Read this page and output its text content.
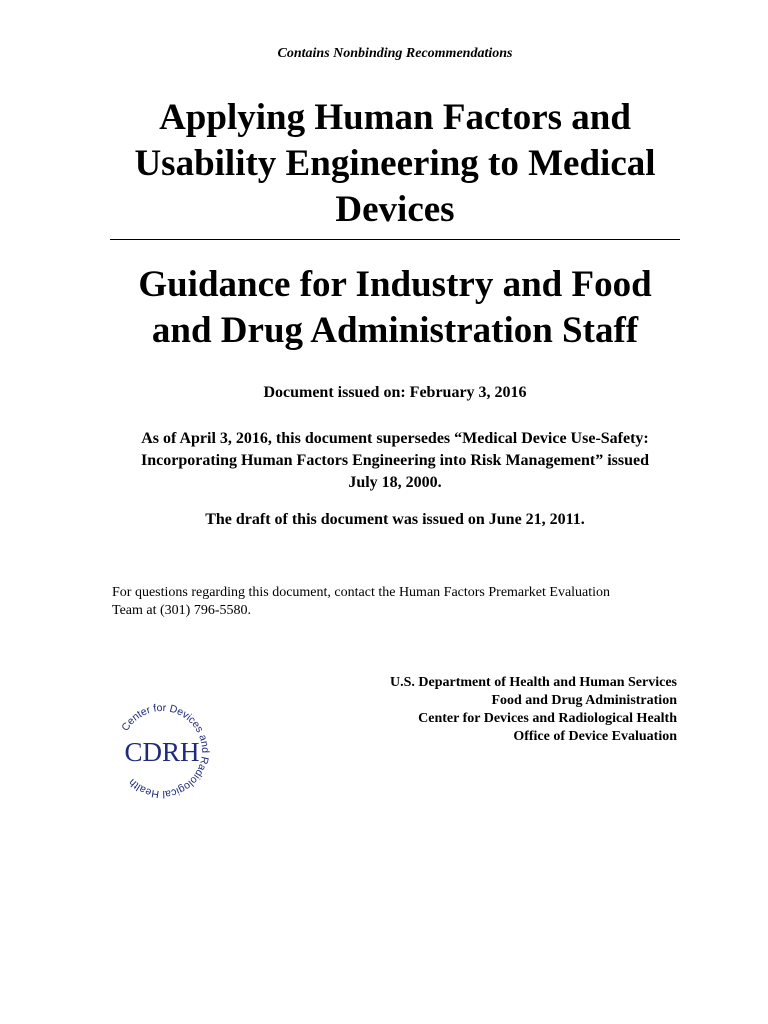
Contains Nonbinding Recommendations
Applying Human Factors and
Usability Engineering to Medical
Devices
Guidance for Industry and Food
and Drug Administration Staff
Document issued on: February 3, 2016
As of April 3, 2016, this document supersedes “Medical Device Use-Safety:
Incorporating Human Factors Engineering into Risk Management” issued
July 18, 2000.
The draft of this document was issued on June 21, 2011.
For questions regarding this document, contact the Human Factors Premarket Evaluation
Team at (301) 796-5580.
U.S. Department of Health and Human Services
Food and Drug Administration
Center for Devices and Radiological Health
Office of Device Evaluation
Center for Devices and Radiological Health
CDRH
